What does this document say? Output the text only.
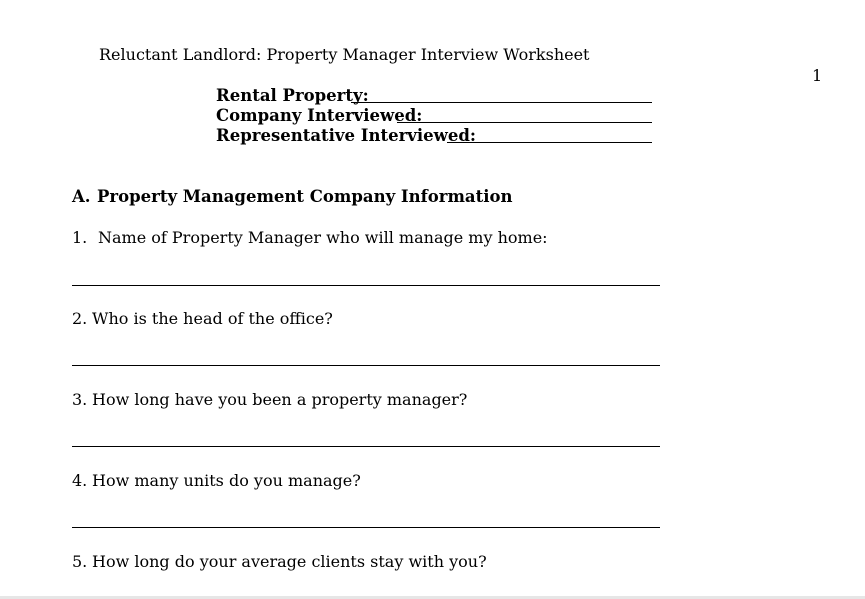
Reluctant Landlord: Property Manager Interview Worksheet
1
Rental Property:
Company Interviewed:
Representative Interviewed:
A. Property Management Company Information
1. Name of Property Manager who will manage my home:
2. Who is the head of the office?
3. How long have you been a property manager?
4. How many units do you manage?
5. How long do your average clients stay with you?
